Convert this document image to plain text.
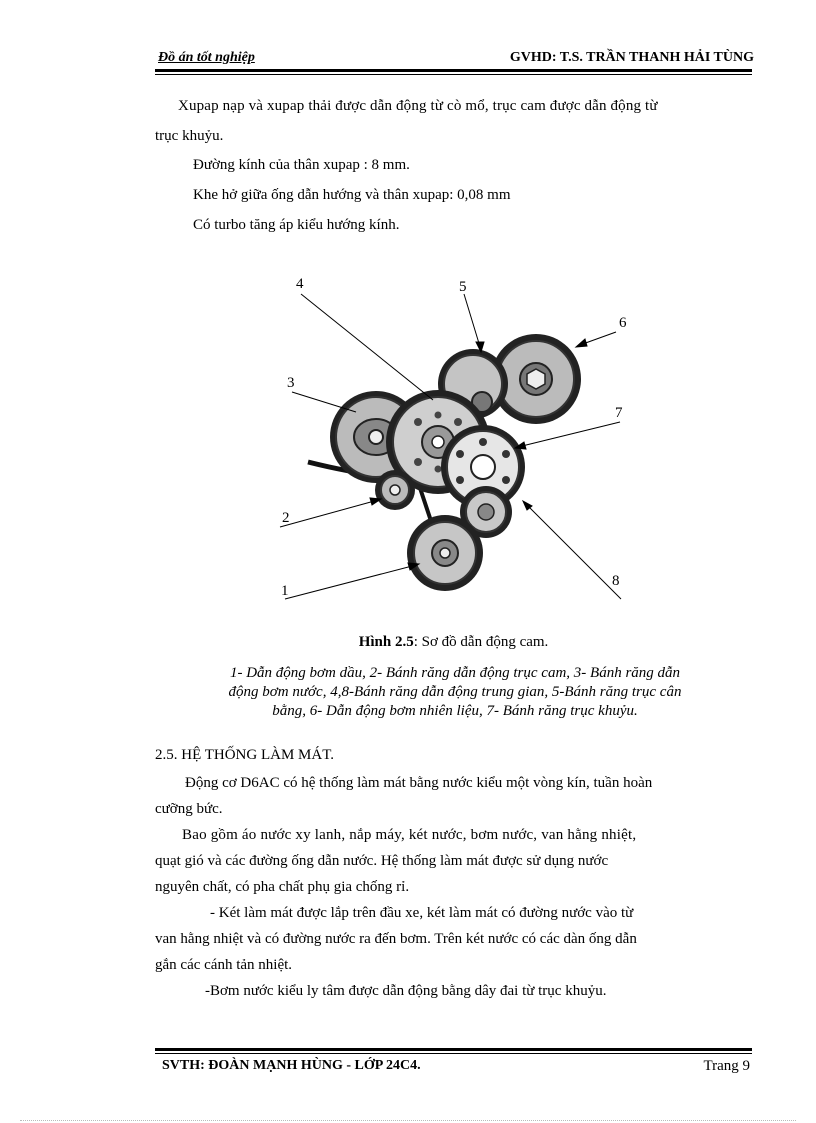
Đồ án tốt nghiệp	GVHD: T.S. TRẦN THANH HẢI TÙNG
Xupap nạp và xupap thải được dẫn động từ cò mổ, trục cam được dẫn động từ
trục khuỷu.
Đường kính của thân xupap : 8 mm.
Khe hở giữa ống dẫn hướng và thân xupap: 0,08 mm
Có turbo tăng áp kiểu hướng kính.
1
2
3
4	5
6
7
8
Hình 2.5: Sơ đồ dẫn động cam.
1- Dẫn động bơm dầu, 2- Bánh răng dẫn động trục cam, 3- Bánh răng dẫn
động bơm nước, 4,8-Bánh răng dẫn động trung gian, 5-Bánh răng trục cân
bằng, 6- Dẫn động bơm nhiên liệu, 7- Bánh răng trục khuỷu.
2.5. HỆ THỐNG LÀM MÁT.
Động cơ D6AC có hệ thống làm mát bằng nước kiểu một vòng kín, tuần hoàn
cưỡng bức.
Bao gồm áo nước xy lanh, nắp máy, két nước, bơm nước, van hằng nhiệt,
quạt gió và các đường ống dẫn nước. Hệ thống làm mát được sử dụng nước
nguyên chất, có pha chất phụ gia chống rỉ.
- Két làm mát được lắp trên đầu xe, két làm mát có đường nước vào từ
van hằng nhiệt và có đường nước ra đến bơm. Trên két nước có các dàn ống dẫn
gắn các cánh tản nhiệt.
-Bơm nước kiểu ly tâm được dẫn động bằng dây đai từ trục khuỷu.
SVTH: ĐOÀN MẠNH HÙNG - LỚP 24C4.	Trang 9
